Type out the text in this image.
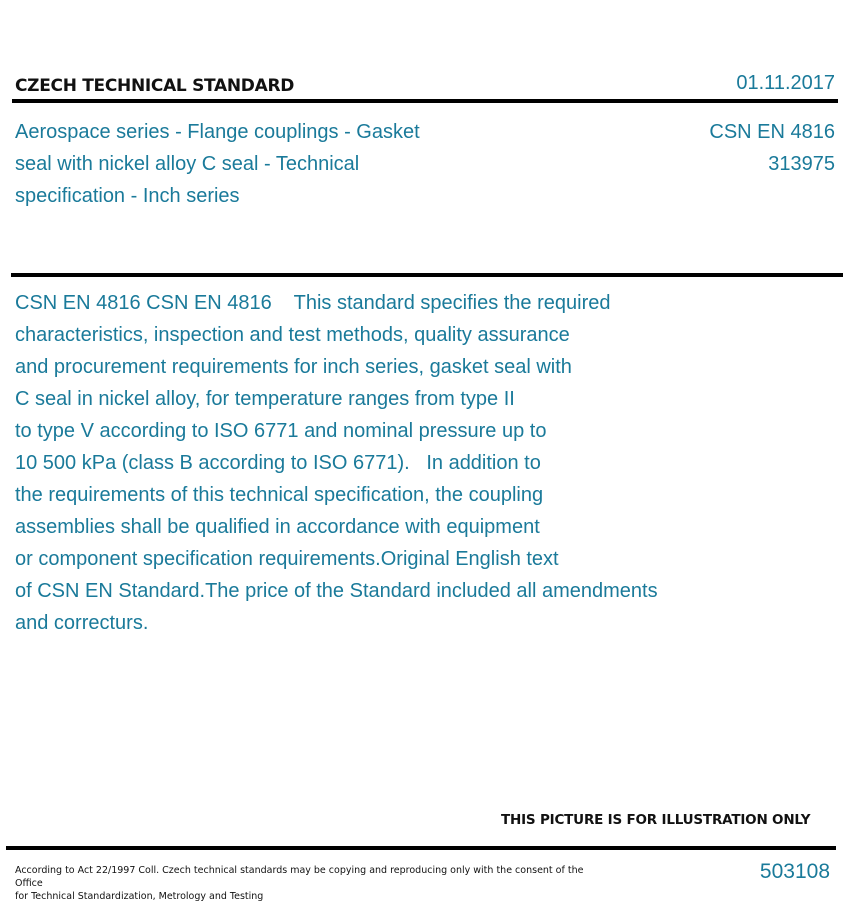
CZECH TECHNICAL STANDARD	01.11.2017
Aerospace series - Flange couplings - Gasket
seal with nickel alloy C seal - Technical
specification - Inch series
CSN EN 4816
313975
CSN EN 4816 CSN EN 4816    This standard specifies the required
characteristics, inspection and test methods, quality assurance
and procurement requirements for inch series, gasket seal with
C seal in nickel alloy, for temperature ranges from type II
to type V according to ISO 6771 and nominal pressure up to
10 500 kPa (class B according to ISO 6771).   In addition to
the requirements of this technical specification, the coupling
assemblies shall be qualified in accordance with equipment
or component specification requirements.Original English text
of CSN EN Standard.The price of the Standard included all amendments
and correcturs.
THIS PICTURE IS FOR ILLUSTRATION ONLY
According to Act 22/1997 Coll. Czech technical standards may be copying and reproducing only with the consent of the Office
for Technical Standardization, Metrology and Testing
503108
